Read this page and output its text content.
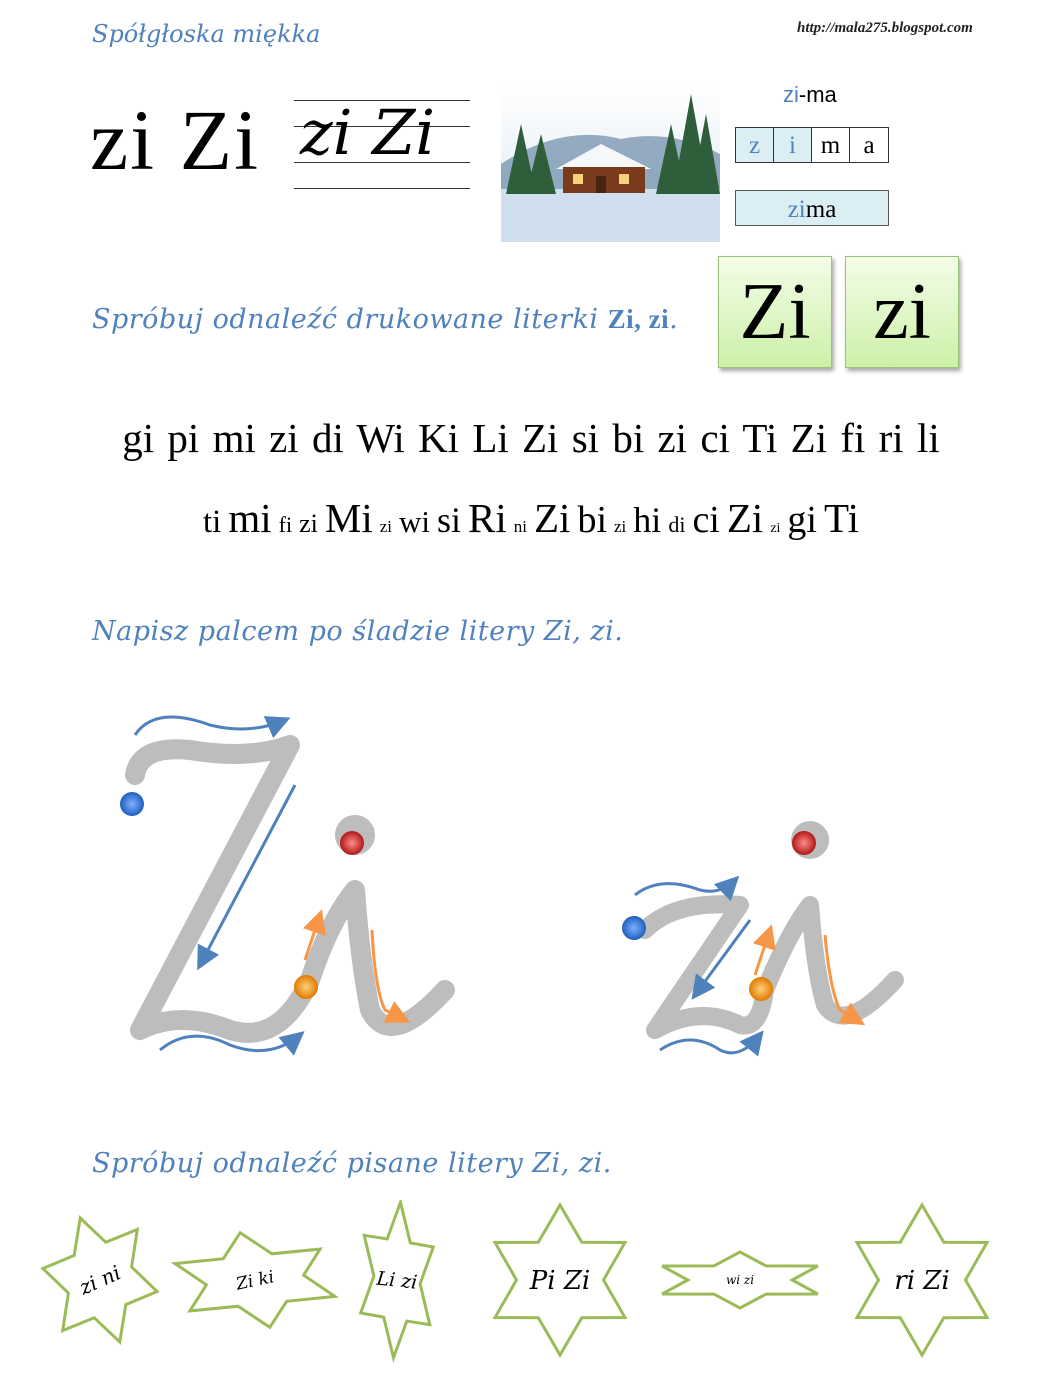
Spółgłoska miękka	http://mala275.blogspot.com
zi Zi zi Zi
zi-ma
z	i m a
zima
Spróbuj odnaleźć drukowane literki Zi, zi. Zi zi
gi pi mi zi di Wi Ki Li Zi si bi zi ci Ti Zi fi ri li
ti mi fi zi Mi zi wi si Ri ni Zi bi zi hi di ci Zi zi gi Ti
Napisz palcem po śladzie litery Zi, zi.
Spróbuj odnaleźć pisane litery Zi, zi.
zi ni	Zi ki	Li zi	Pi Zi	wi zi	ri Zi
